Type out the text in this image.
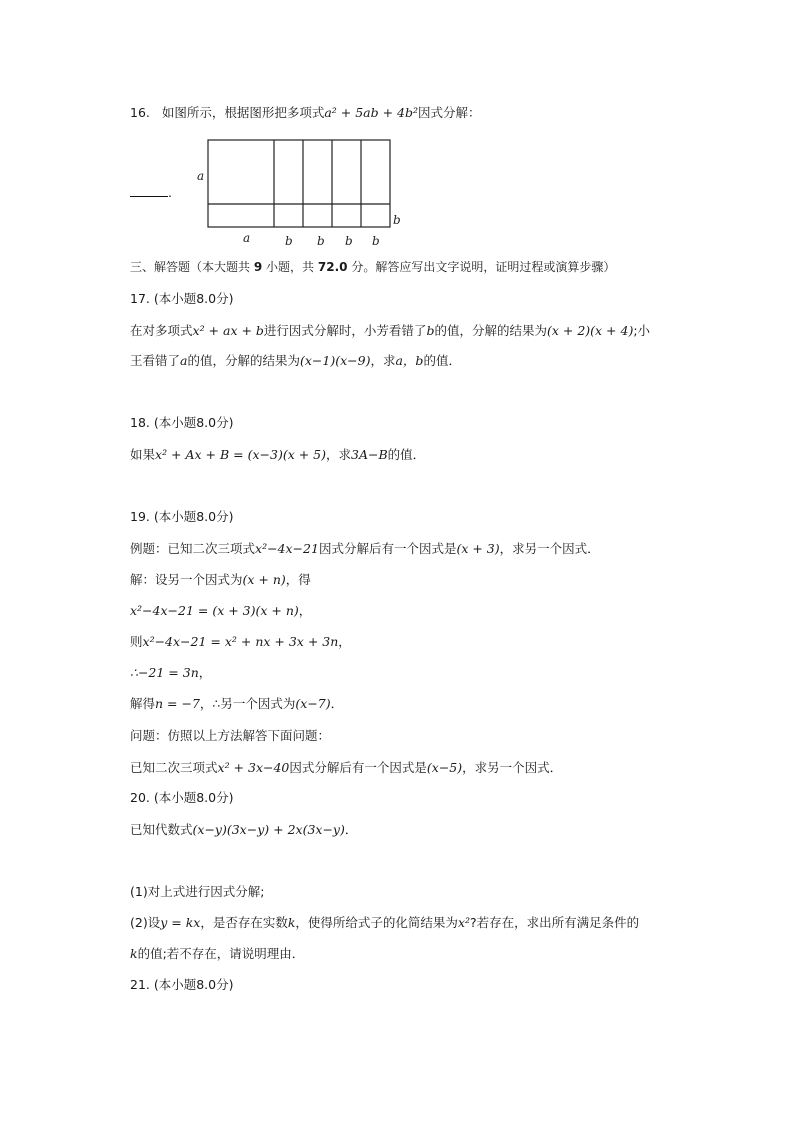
16. 如图所示，根据图形把多项式a² + 5ab + 4b²因式分解：
.
a
b
a	b b b b
三、解答题（本大题共 9 小题，共 72.0 分。解答应写出文字说明，证明过程或演算步骤）
17. (本小题8.0分)
在对多项式x² + ax + b进行因式分解时，小芳看错了b的值，分解的结果为(x + 2)(x + 4);小
王看错了a的值，分解的结果为(x−1)(x−9)，求a，b的值．
18. (本小题8.0分)
如果x² + Ax + B = (x−3)(x + 5)，求3A−B的值．
19. (本小题8.0分)
例题：已知二次三项式x²−4x−21因式分解后有一个因式是(x + 3)，求另一个因式．
解：设另一个因式为(x + n)，得
x²−4x−21 = (x + 3)(x + n)，
则x²−4x−21 = x² + nx + 3x + 3n，
∴−21 = 3n，
解得n = −7，∴另一个因式为(x−7)．
问题：仿照以上方法解答下面问题：
已知二次三项式x² + 3x−40因式分解后有一个因式是(x−5)，求另一个因式．
20. (本小题8.0分)
已知代数式(x−y)(3x−y) + 2x(3x−y)．
(1)对上式进行因式分解;
(2)设y = kx，是否存在实数k，使得所给式子的化简结果为x²?若存在，求出所有满足条件的
k的值;若不存在，请说明理由．
21. (本小题8.0分)
